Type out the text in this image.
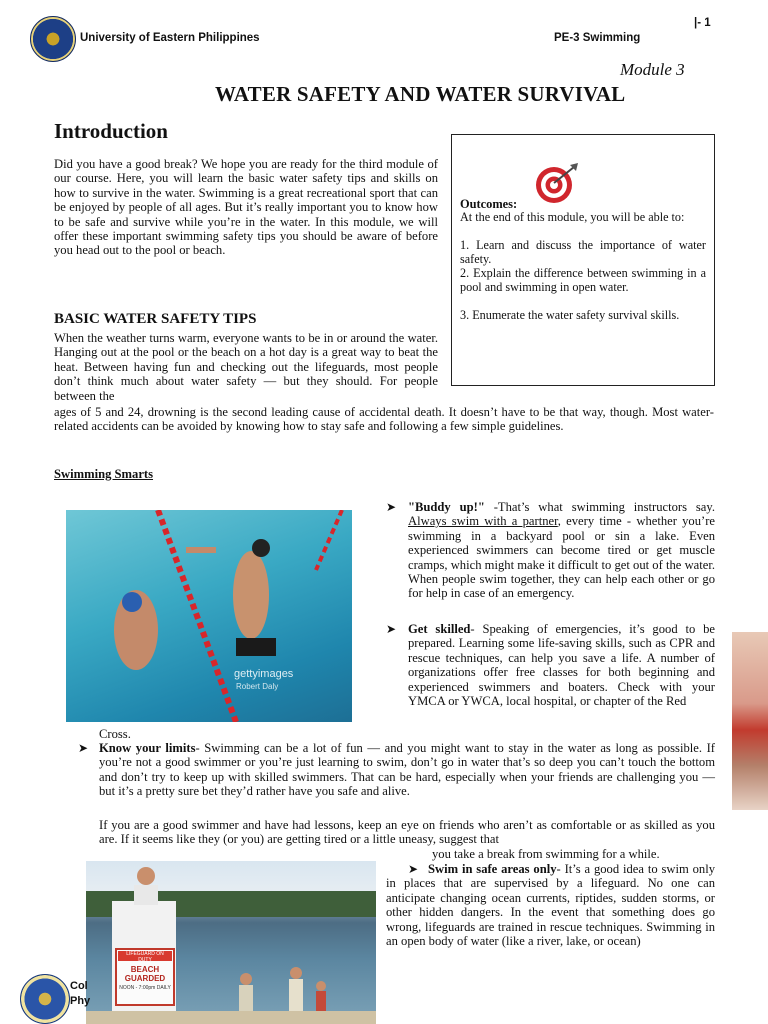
University of Eastern Philippines	PE-3 Swimming
|- 1
Module 3
WATER SAFETY AND WATER SURVIVAL
Introduction

Did you have a good break? We hope you are ready for the third module of our course. Here, you will learn the basic water safety tips and skills on how to survive in the water. Swimming is a great recreational sport that can be enjoyed by people of all ages. But it’s really important you to know how to be safe and survive while you’re in the water. In this module, we will offer these important swimming safety tips you should be aware of before you head out to the pool or beach.

Outcomes:

At the end of this module, you will be able to:

1. Learn and discuss the importance of water safety.

2. Explain the difference between swimming in a pool and swimming in open water.

3. Enumerate the water safety survival skills.

BASIC WATER SAFETY TIPS

When the weather turns warm, everyone wants to be in or around the water. Hanging out at the pool or the beach on a hot day is a great way to beat the heat. Between having fun and checking out the lifeguards, most people don’t think much about water safety — but they should. For people between the

ages of 5 and 24, drowning is the second leading cause of accidental death. It doesn’t have to be that way, though. Most water-related accidents can be avoided by knowing how to stay safe and following a few simple guidelines.

Swimming Smarts
gettyimages
Robert Daly
➤ "Buddy up!" -That’s what swimming instructors say. Always swim with a partner, every time - whether you’re swimming in a backyard pool or sin a lake. Even experienced swimmers can become tired or get muscle cramps, which might make it difficult to get out of the water. When people swim together, they can help each other or go for help in case of an emergency.

➤ Get skilled- Speaking of emergencies, it’s good to be prepared. Learning some life-saving skills, such as CPR and rescue techniques, can help you save a life. A number of organizations offer free classes for both beginning and experienced swimmers and boaters. Check with your YMCA or YWCA, local hospital, or chapter of the Red

Cross.
➤ Know your limits- Swimming can be a lot of fun — and you might want to stay in the water as long as possible. If you’re not a good swimmer or you’re just learning to swim, don’t go in water that’s so deep you can’t touch the bottom and don’t try to keep up with skilled swimmers. That can be hard, especially when your friends are challenging you — but it’s a pretty sure bet they’d rather have you safe and alive.

If you are a good swimmer and have had lessons, keep an eye on friends who aren’t as comfortable or as skilled as you are. If it seems like they (or you) are getting tired or a little uneasy, suggest that

you take a break from swimming for a while.
LIFEGUARD ON DUTY
BEACH GUARDED
NOON - 7:00pm DAILY
➤ Swim in safe areas only- It’s a good idea to swim only in places that are supervised by a lifeguard. No one can anticipate changing ocean currents, riptides, sudden storms, or other hidden dangers. In the event that something does go wrong, lifeguards are trained in rescue techniques. Swimming in an open body of water (like a river, lake, or ocean)

Col
Phy
